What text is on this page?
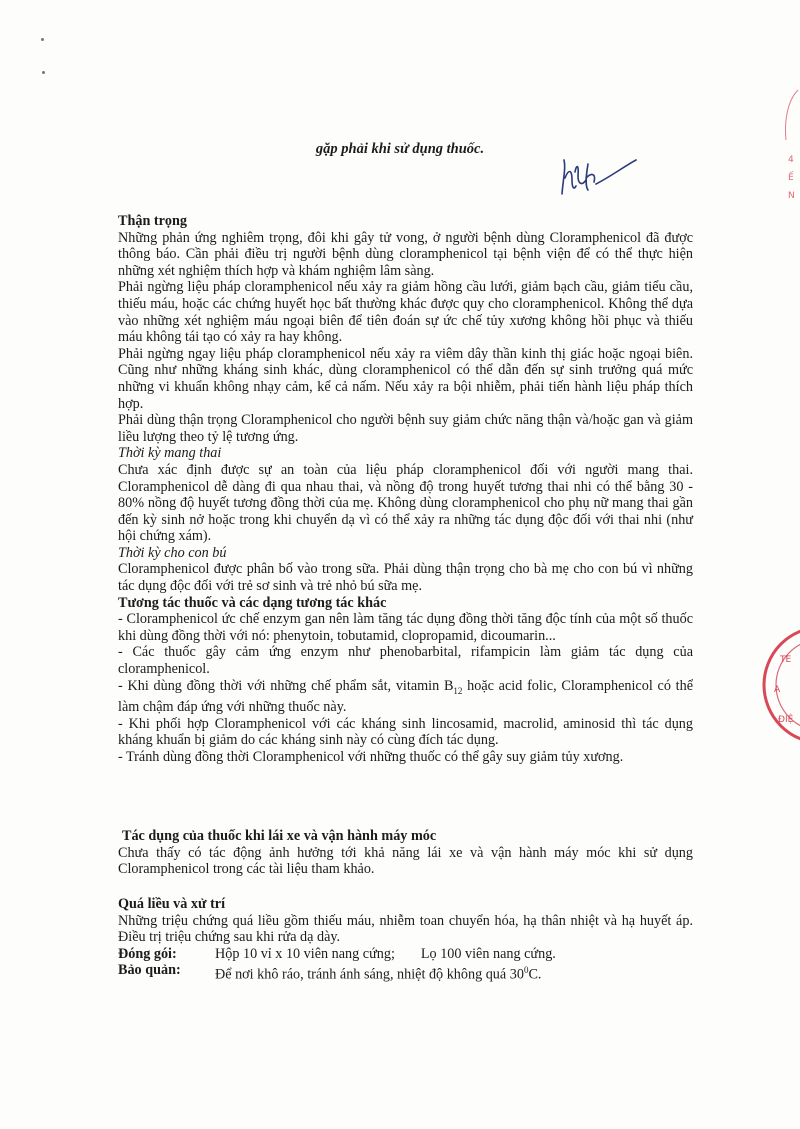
gặp phải khi sử dụng thuốc.
4
Ế
N
TE
A
ĐIỆ

Thận trọng

Những phản ứng nghiêm trọng, đôi khi gây tử vong, ở người bệnh dùng Cloramphenicol đã được thông báo. Cần phải điều trị người bệnh dùng cloramphenicol tại bệnh viện để có thể thực hiện những xét nghiệm thích hợp và khám nghiệm lâm sàng.

Phải ngừng liệu pháp cloramphenicol nếu xảy ra giảm hồng cầu lưới, giảm bạch cầu, giảm tiểu cầu, thiếu máu, hoặc các chứng huyết học bất thường khác được quy cho cloramphenicol. Không thể dựa vào những xét nghiệm máu ngoại biên để tiên đoán sự ức chế tủy xương không hồi phục và thiếu máu không tái tạo có xảy ra hay không.

Phải ngừng ngay liệu pháp cloramphenicol nếu xảy ra viêm dây thần kinh thị giác hoặc ngoại biên. Cũng như những kháng sinh khác, dùng cloramphenicol có thể dẫn đến sự sinh trưởng quá mức những vi khuẩn không nhạy cảm, kể cả nấm. Nếu xảy ra bội nhiễm, phải tiến hành liệu pháp thích hợp.

Phải dùng thận trọng Cloramphenicol cho người bệnh suy giảm chức năng thận và/hoặc gan và giảm liều lượng theo tỷ lệ tương ứng.

Thời kỳ mang thai

Chưa xác định được sự an toàn của liệu pháp cloramphenicol đối với người mang thai. Cloramphenicol dễ dàng đi qua nhau thai, và nồng độ trong huyết tương thai nhi có thể bằng 30 - 80% nồng độ huyết tương đồng thời của mẹ. Không dùng cloramphenicol cho phụ nữ mang thai gần đến kỳ sinh nở hoặc trong khi chuyển dạ vì có thể xảy ra những tác dụng độc đối với thai nhi (như hội chứng xám).

Thời kỳ cho con bú

Cloramphenicol được phân bố vào trong sữa. Phải dùng thận trọng cho bà mẹ cho con bú vì những tác dụng độc đối với trẻ sơ sinh và trẻ nhỏ bú sữa mẹ.

Tương tác thuốc và các dạng tương tác khác

- Cloramphenicol ức chế enzym gan nên làm tăng tác dụng đồng thời tăng độc tính của một số thuốc khi dùng đồng thời với nó: phenytoin, tobutamid, clopropamid, dicoumarin...

- Các thuốc gây cảm ứng enzym như phenobarbital, rifampicin làm giảm tác dụng của cloramphenicol.

- Khi dùng đồng thời với những chế phẩm sắt, vitamin $B_{12}$ hoặc acid folic, Cloramphenicol có thể làm chậm đáp ứng với những thuốc này.

- Khi phối hợp Cloramphenicol với các kháng sinh lincosamid, macrolid, aminosid thì tác dụng kháng khuẩn bị giảm do các kháng sinh này có cùng đích tác dụng.

- Tránh dùng đồng thời Cloramphenicol với những thuốc có thể gây suy giảm tủy xương.

Tác dụng của thuốc khi lái xe và vận hành máy móc

Chưa thấy có tác động ảnh hưởng tới khả năng lái xe và vận hành máy móc khi sử dụng Cloramphenicol trong các tài liệu tham khảo.

Quá liều và xử trí

Những triệu chứng quá liều gồm thiếu máu, nhiễm toan chuyển hóa, hạ thân nhiệt và hạ huyết áp. Điều trị triệu chứng sau khi rửa dạ dày.

Đóng gói:	Hộp 10 vỉ x 10 viên nang cứng; Lọ 100 viên nang cứng.
Bảo quản:	Để nơi khô ráo, tránh ánh sáng, nhiệt độ không quá $30^0C$.
